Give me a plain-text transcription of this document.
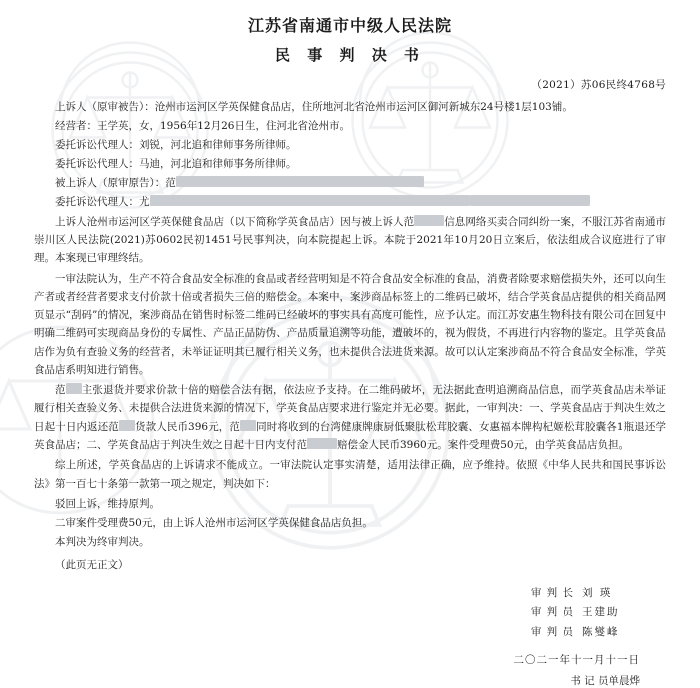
江苏省南通市中级人民法院
民 事 判 决 书
（2021）苏06民终4768号
上诉人（原审被告）：沧州市运河区学英保健食品店，住所地河北省沧州市运河区御河新城东24号楼1层103铺。
经营者：王学英，女，1956年12月26日生，住河北省沧州市。
委托诉讼代理人：刘锐，河北追和律师事务所律师。
委托诉讼代理人：马迪，河北追和律师事务所律师。
被上诉人（原审原告）：范
委托诉讼代理人：尤
上诉人沧州市运河区学英保健食品店（以下简称学英食品店）因与被上诉人范	信息网络买卖合同纠纷一案，不服江苏省南通市崇川区人民法院(2021)苏0602民初1451号民事判决，向本院提起上诉。本院于2021年10月20日立案后，依法组成合议庭进行了审理。本案现已审理终结。
一审法院认为，生产不符合食品安全标准的食品或者经营明知是不符合食品安全标准的食品，消费者除要求赔偿损失外，还可以向生产者或者经营者要求支付价款十倍或者损失三倍的赔偿金。本案中，案涉商品标签上的二维码已破坏，结合学英食品店提供的相关商品网页显示“刮码”的情况，案涉商品在销售时标签二维码已经破坏的事实具有高度可能性，应予认定。而江苏安惠生物科技有限公司在回复中明确二维码可实现商品身份的专属性、产品正品防伪、产品质量追溯等功能，遭破坏的，视为假货，不再进行内容物的鉴定。且学英食品店作为负有查验义务的经营者，未举证证明其已履行相关义务，也未提供合法进货来源。故可以认定案涉商品不符合食品安全标准，学英食品店系明知进行销售。
范 主张退货并要求价款十倍的赔偿合法有据，依法应予支持。在二维码破坏，无法据此查明追溯商品信息，而学英食品店未举证履行相关查验义务、未提供合法进货来源的情况下，学英食品店要求进行鉴定并无必要。据此，一审判决：一、学英食品店于判决生效之日起十日内返还范 货款人民币396元，范 同时将收到的台湾健康牌康厨低聚肽松茸胶囊、女惠福本牌构杞姬松茸胶囊各1瓶退还学英食品店；二、学英食品店于判决生效之日起十日内支付范	赔偿金人民币3960元。案件受理费50元，由学英食品店负担。
综上所述，学英食品店的上诉请求不能成立。一审法院认定事实清楚，适用法律正确，应予维持。依照《中华人民共和国民事诉讼法》第一百七十条第一款第一项之规定，判决如下：
驳回上诉，维持原判。
二审案件受理费50元，由上诉人沧州市运河区学英保健食品店负担。
本判决为终审判决。
（此页无正文）
审 判 长 刘 瑛
审 判 员 王建助
审 判 员 陈燮峰
二〇二一年十一月十一日
书 记 员单晨烨
